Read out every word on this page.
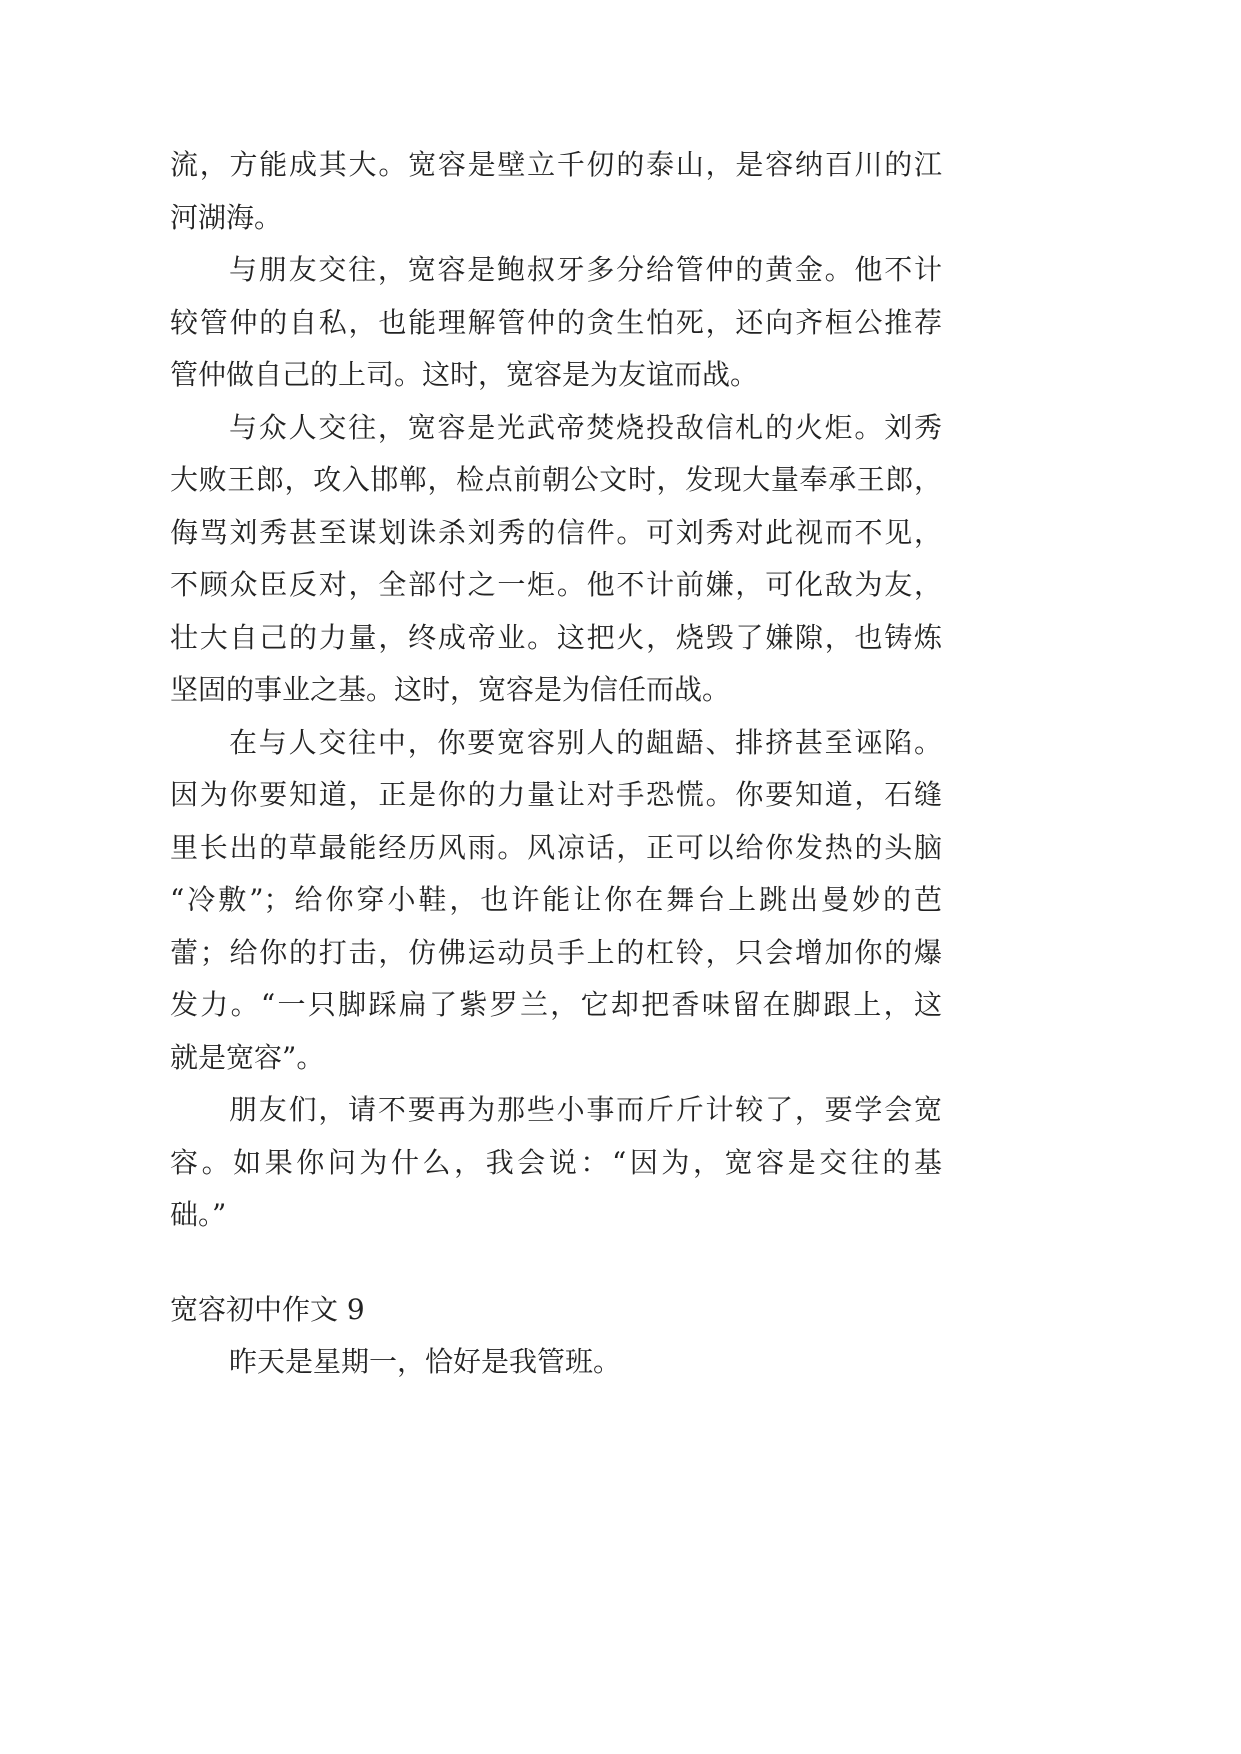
流，方能成其大。宽容是壁立千仞的泰山，是容纳百川的江
河湖海。
与朋友交往，宽容是鲍叔牙多分给管仲的黄金。他不计
较管仲的自私，也能理解管仲的贪生怕死，还向齐桓公推荐
管仲做自己的上司。这时，宽容是为友谊而战。
与众人交往，宽容是光武帝焚烧投敌信札的火炬。刘秀
大败王郎，攻入邯郸，检点前朝公文时，发现大量奉承王郎，
侮骂刘秀甚至谋划诛杀刘秀的信件。可刘秀对此视而不见，
不顾众臣反对，全部付之一炬。他不计前嫌，可化敌为友，
壮大自己的力量，终成帝业。这把火，烧毁了嫌隙，也铸炼
坚固的事业之基。这时，宽容是为信任而战。
在与人交往中，你要宽容别人的龃龉、排挤甚至诬陷。
因为你要知道，正是你的力量让对手恐慌。你要知道，石缝
里长出的草最能经历风雨。风凉话，正可以给你发热的头脑
“冷敷”；给你穿小鞋，也许能让你在舞台上跳出曼妙的芭
蕾；给你的打击，仿佛运动员手上的杠铃，只会增加你的爆
发力。“一只脚踩扁了紫罗兰，它却把香味留在脚跟上，这
就是宽容”。
朋友们，请不要再为那些小事而斤斤计较了，要学会宽
容。如果你问为什么，我会说：“因为，宽容是交往的基
础。”
宽容初中作文 9
昨天是星期一，恰好是我管班。
